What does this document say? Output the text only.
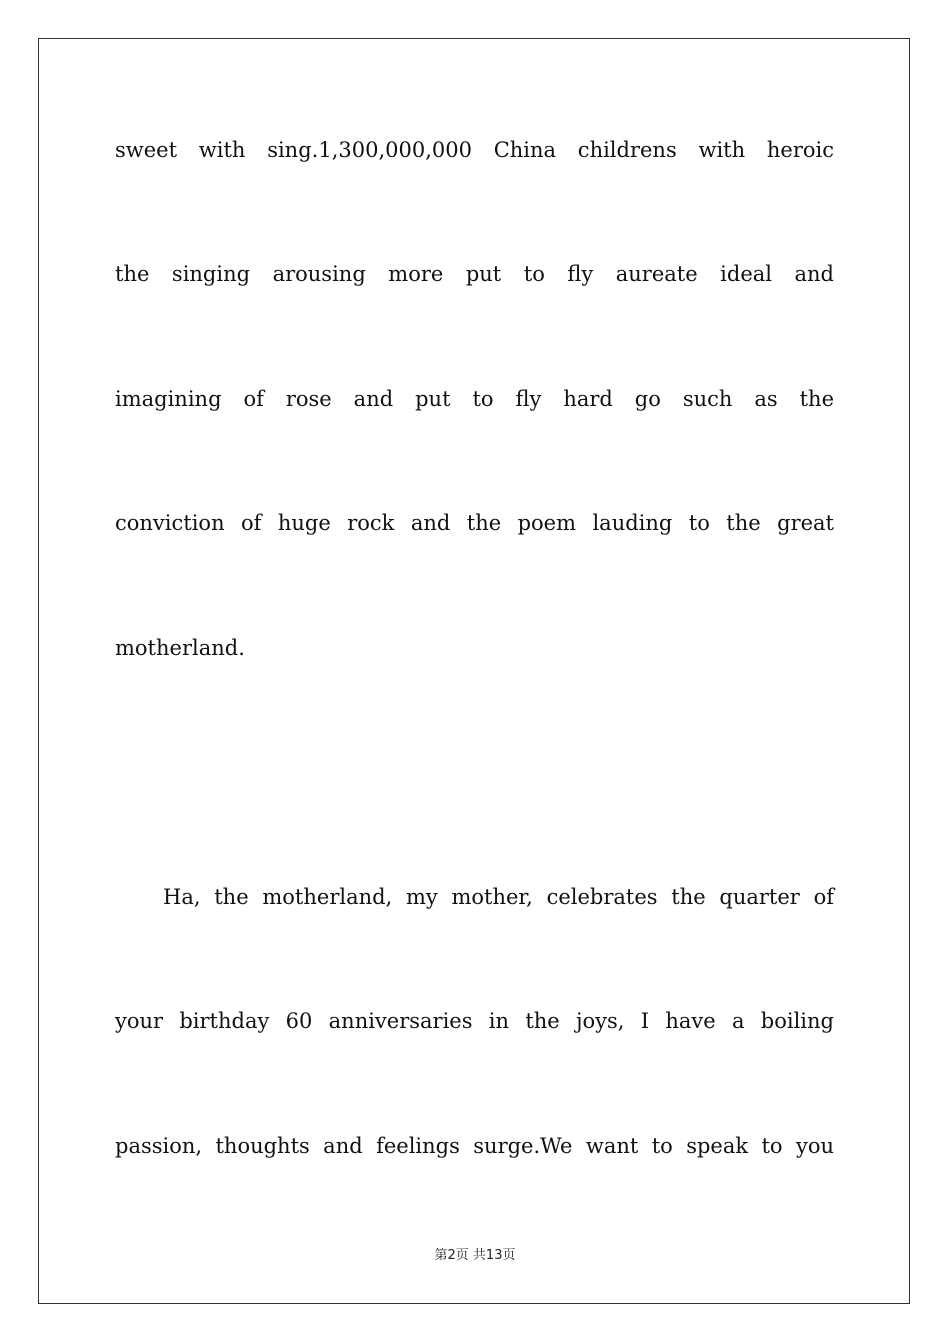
sweet with sing.1,300,000,000 China childrens with heroic
the singing arousing more put to fly aureate ideal and
imagining of rose and put to fly hard go such as the
conviction of huge rock and the poem lauding to the great
motherland.
Ha, the motherland, my mother, celebrates the quarter of
your birthday 60 anniversaries in the joys, I have a boiling
passion, thoughts and feelings surge.We want to speak to you
第2页 共13页
